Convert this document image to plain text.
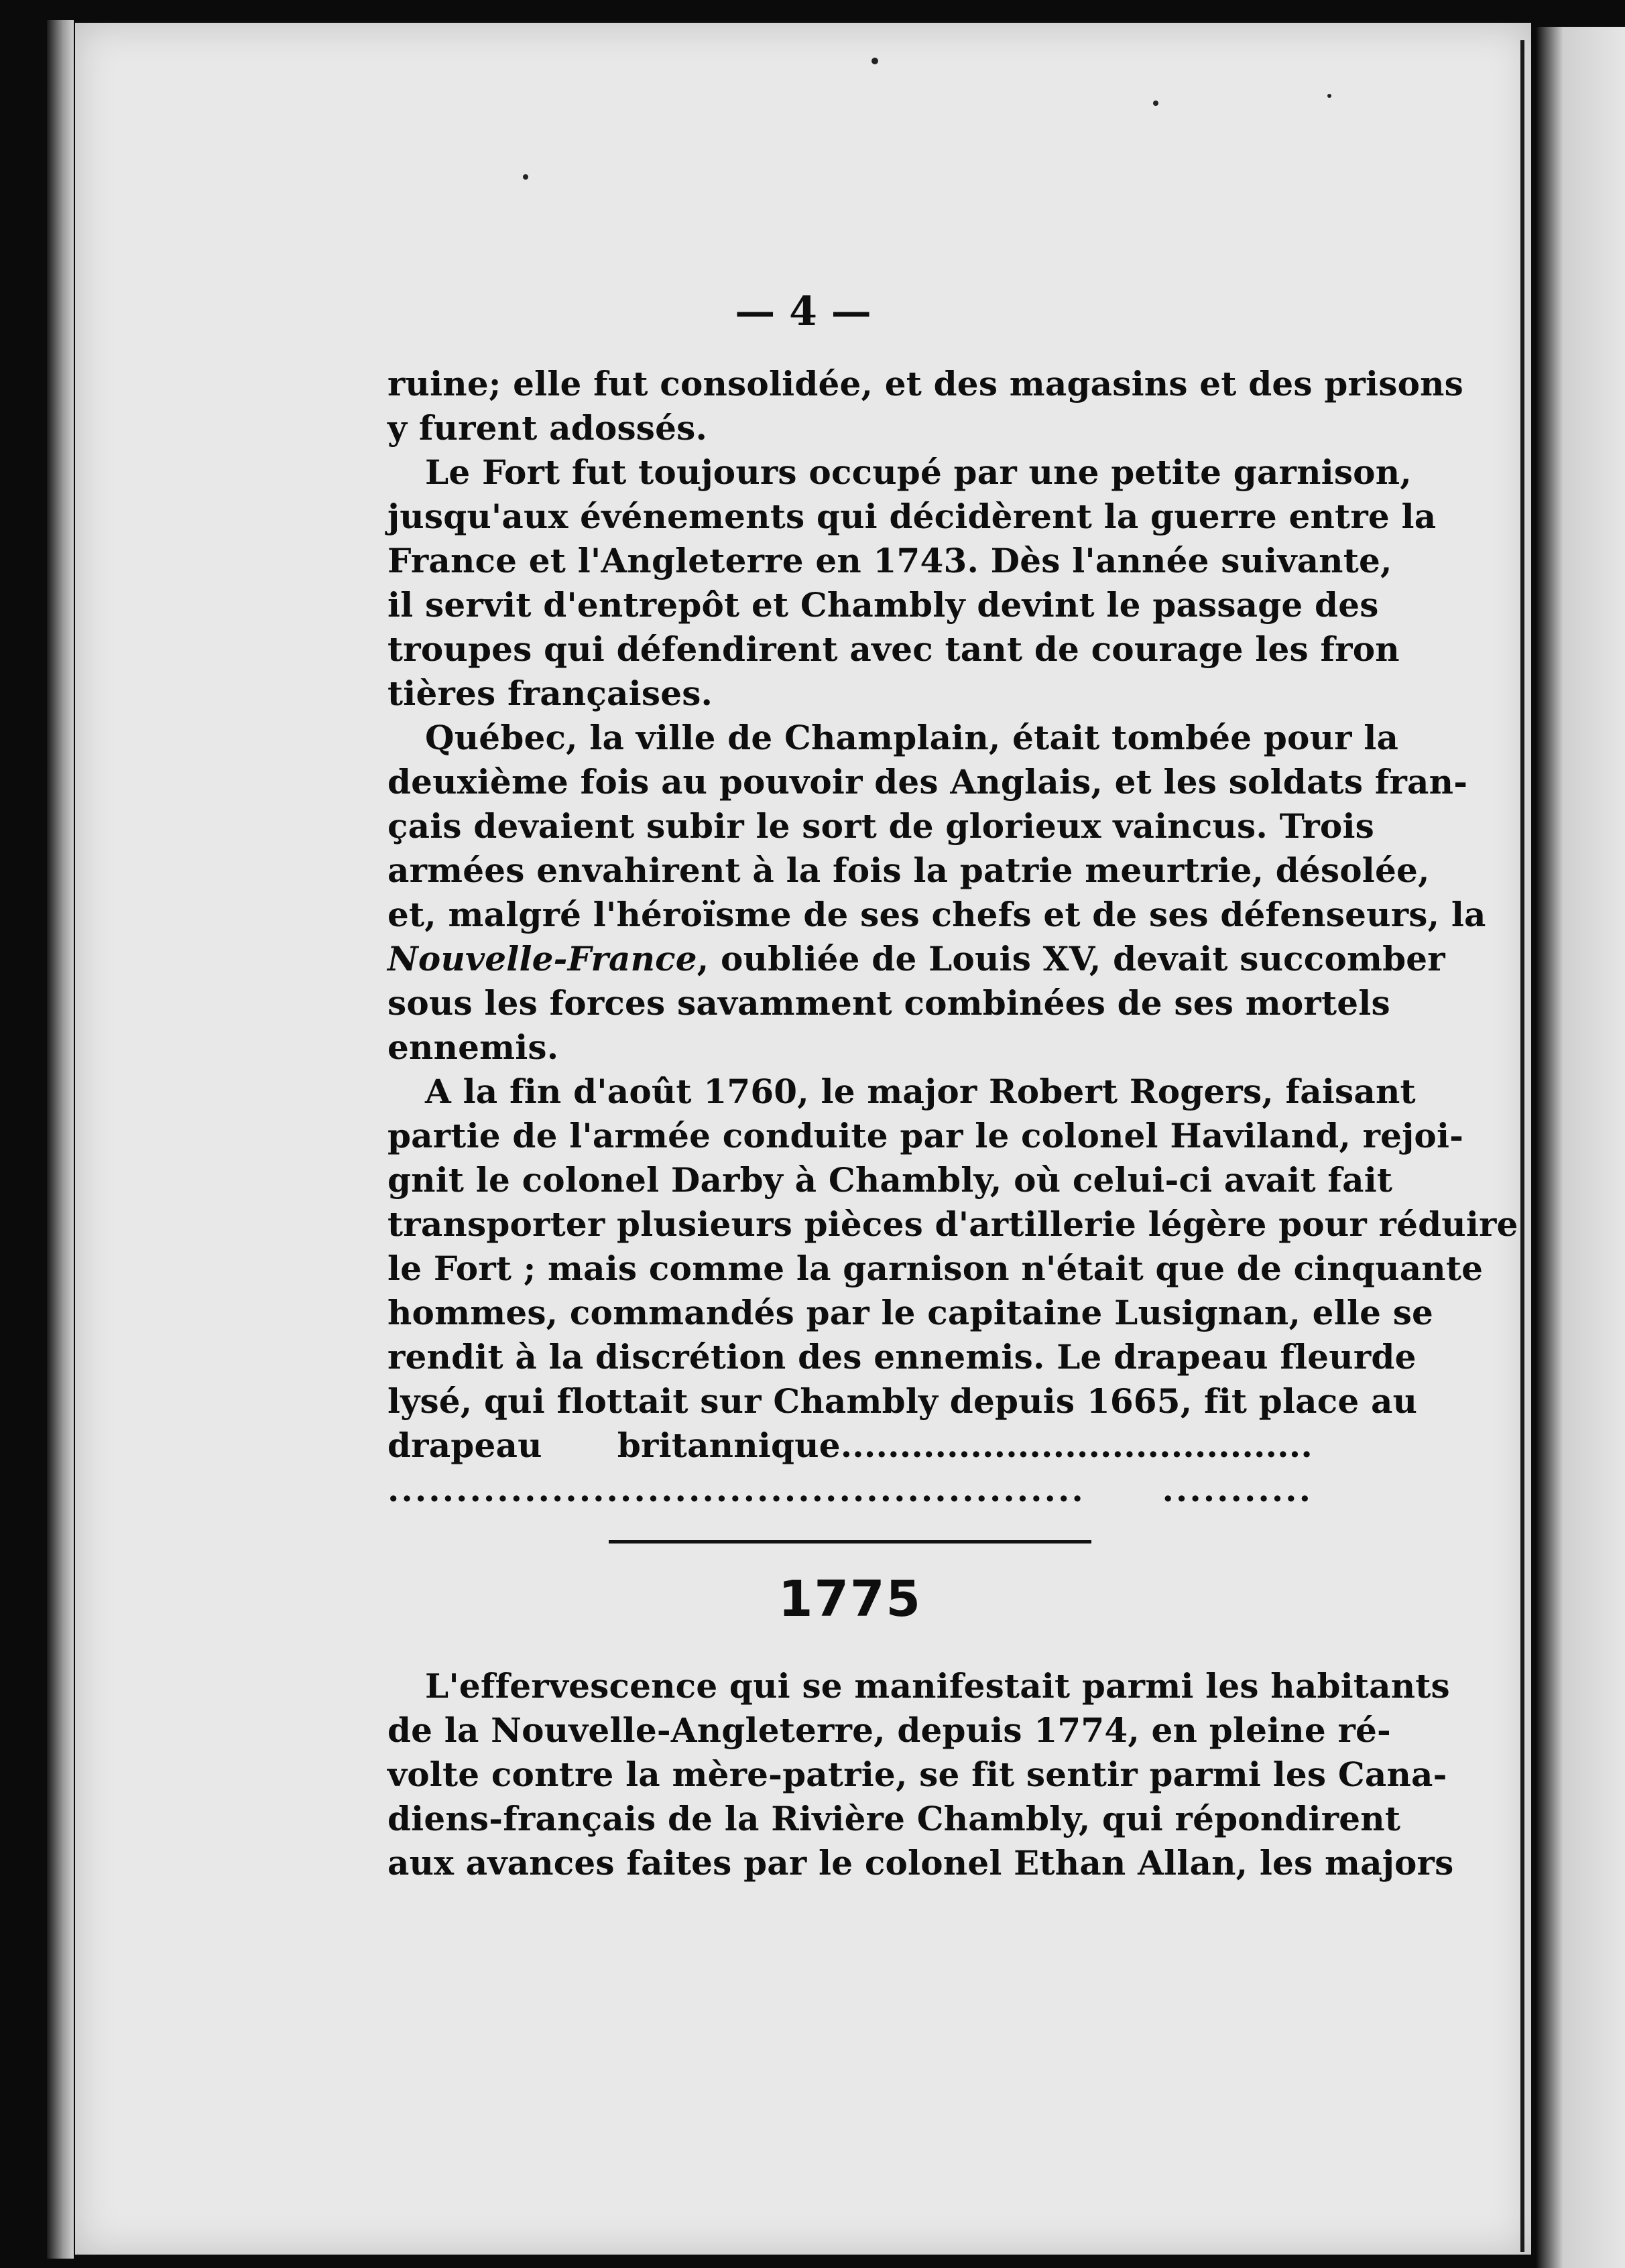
— 4 —
ruine; elle fut consolidée, et des magasins et des prisons
y furent adossés.
Le Fort fut toujours occupé par une petite garnison,
jusqu'aux événements qui décidèrent la guerre entre la
France et l'Angleterre en 1743. Dès l'année suivante,
il servit d'entrepôt et Chambly devint le passage des
troupes qui défendirent avec tant de courage les fron
tières françaises.
Québec, la ville de Champlain, était tombée pour la
deuxième fois au pouvoir des Anglais, et les soldats fran-
çais devaient subir le sort de glorieux vaincus. Trois
armées envahirent à la fois la patrie meurtrie, désolée,
et, malgré l'héroïsme de ses chefs et de ses défenseurs, la
Nouvelle-France, oubliée de Louis XV, devait succomber
sous les forces savamment combinées de ses mortels
ennemis.
A la fin d'août 1760, le major Robert Rogers, faisant
partie de l'armée conduite par le colonel Haviland, rejoi-
gnit le colonel Darby à Chambly, où celui-ci avait fait
transporter plusieurs pièces d'artillerie légère pour réduire
le Fort ; mais comme la garnison n'était que de cinquante
hommes, commandés par le capitaine Lusignan, elle se
rendit à la discrétion des ennemis. Le drapeau fleurde
lysé, qui flottait sur Chambly depuis 1665, fit place au
drapeau britannique........................................
................................................... ...........
1775
L'effervescence qui se manifestait parmi les habitants
de la Nouvelle-Angleterre, depuis 1774, en pleine ré-
volte contre la mère-patrie, se fit sentir parmi les Cana-
diens-français de la Rivière Chambly, qui répondirent
aux avances faites par le colonel Ethan Allan, les majors
